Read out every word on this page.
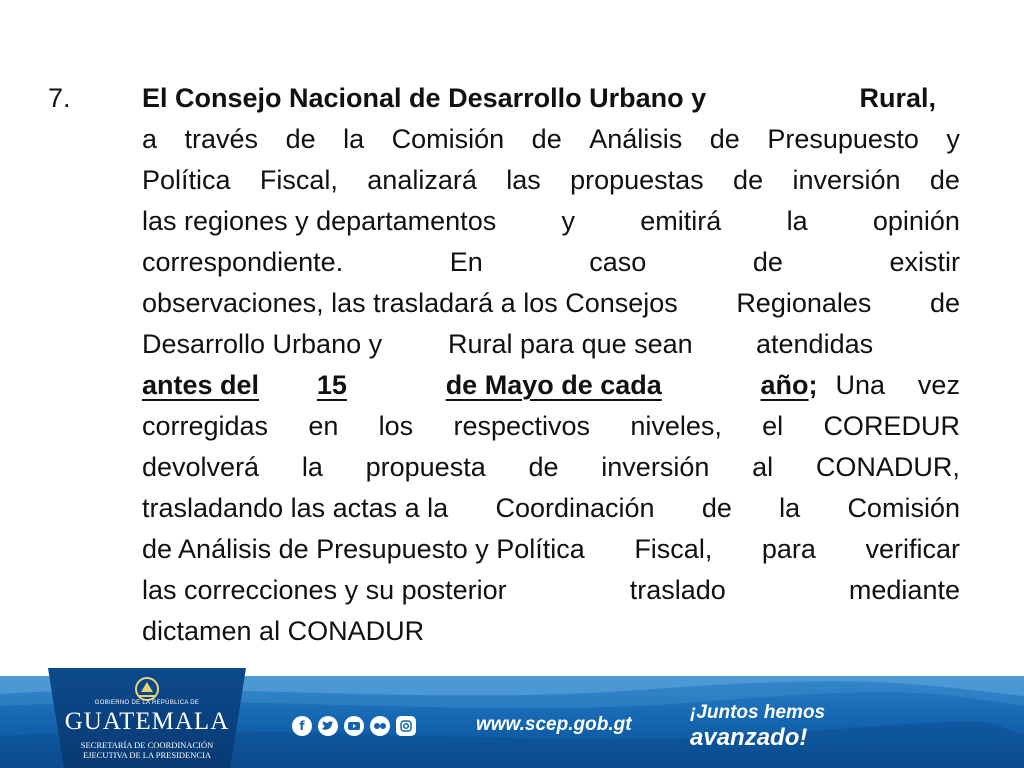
7.	El Consejo Nacional de Desarrollo Urbano y	Rural,
a través de la Comisión de Análisis de Presupuesto y
Política Fiscal, analizará las propuestas de inversión de
las regiones y departamentos y emitirá la opinión
correspondiente.	En	caso	de	existir
observaciones, las trasladará a los Consejos Regionales de
Desarrollo Urbano y	Rural para que sean	atendidas
antes del	15	de Mayo de cada	año; Una vez
corregidas en los respectivos niveles, el COREDUR
devolverá la propuesta de inversión al CONADUR,
trasladando las actas a la Coordinación de la Comisión
de Análisis de Presupuesto y Política Fiscal, para verificar
las correcciones y su posterior	traslado	mediante
dictamen al CONADUR
GOBIERNO DE LA REPÚBLICA DE
GUATEMALA
SECRETARÍA DE COORDINACIÓN
EJECUTIVA DE LA PRESIDENCIA
f	www.scep.gob.gt
¡Juntos hemos
avanzado!
